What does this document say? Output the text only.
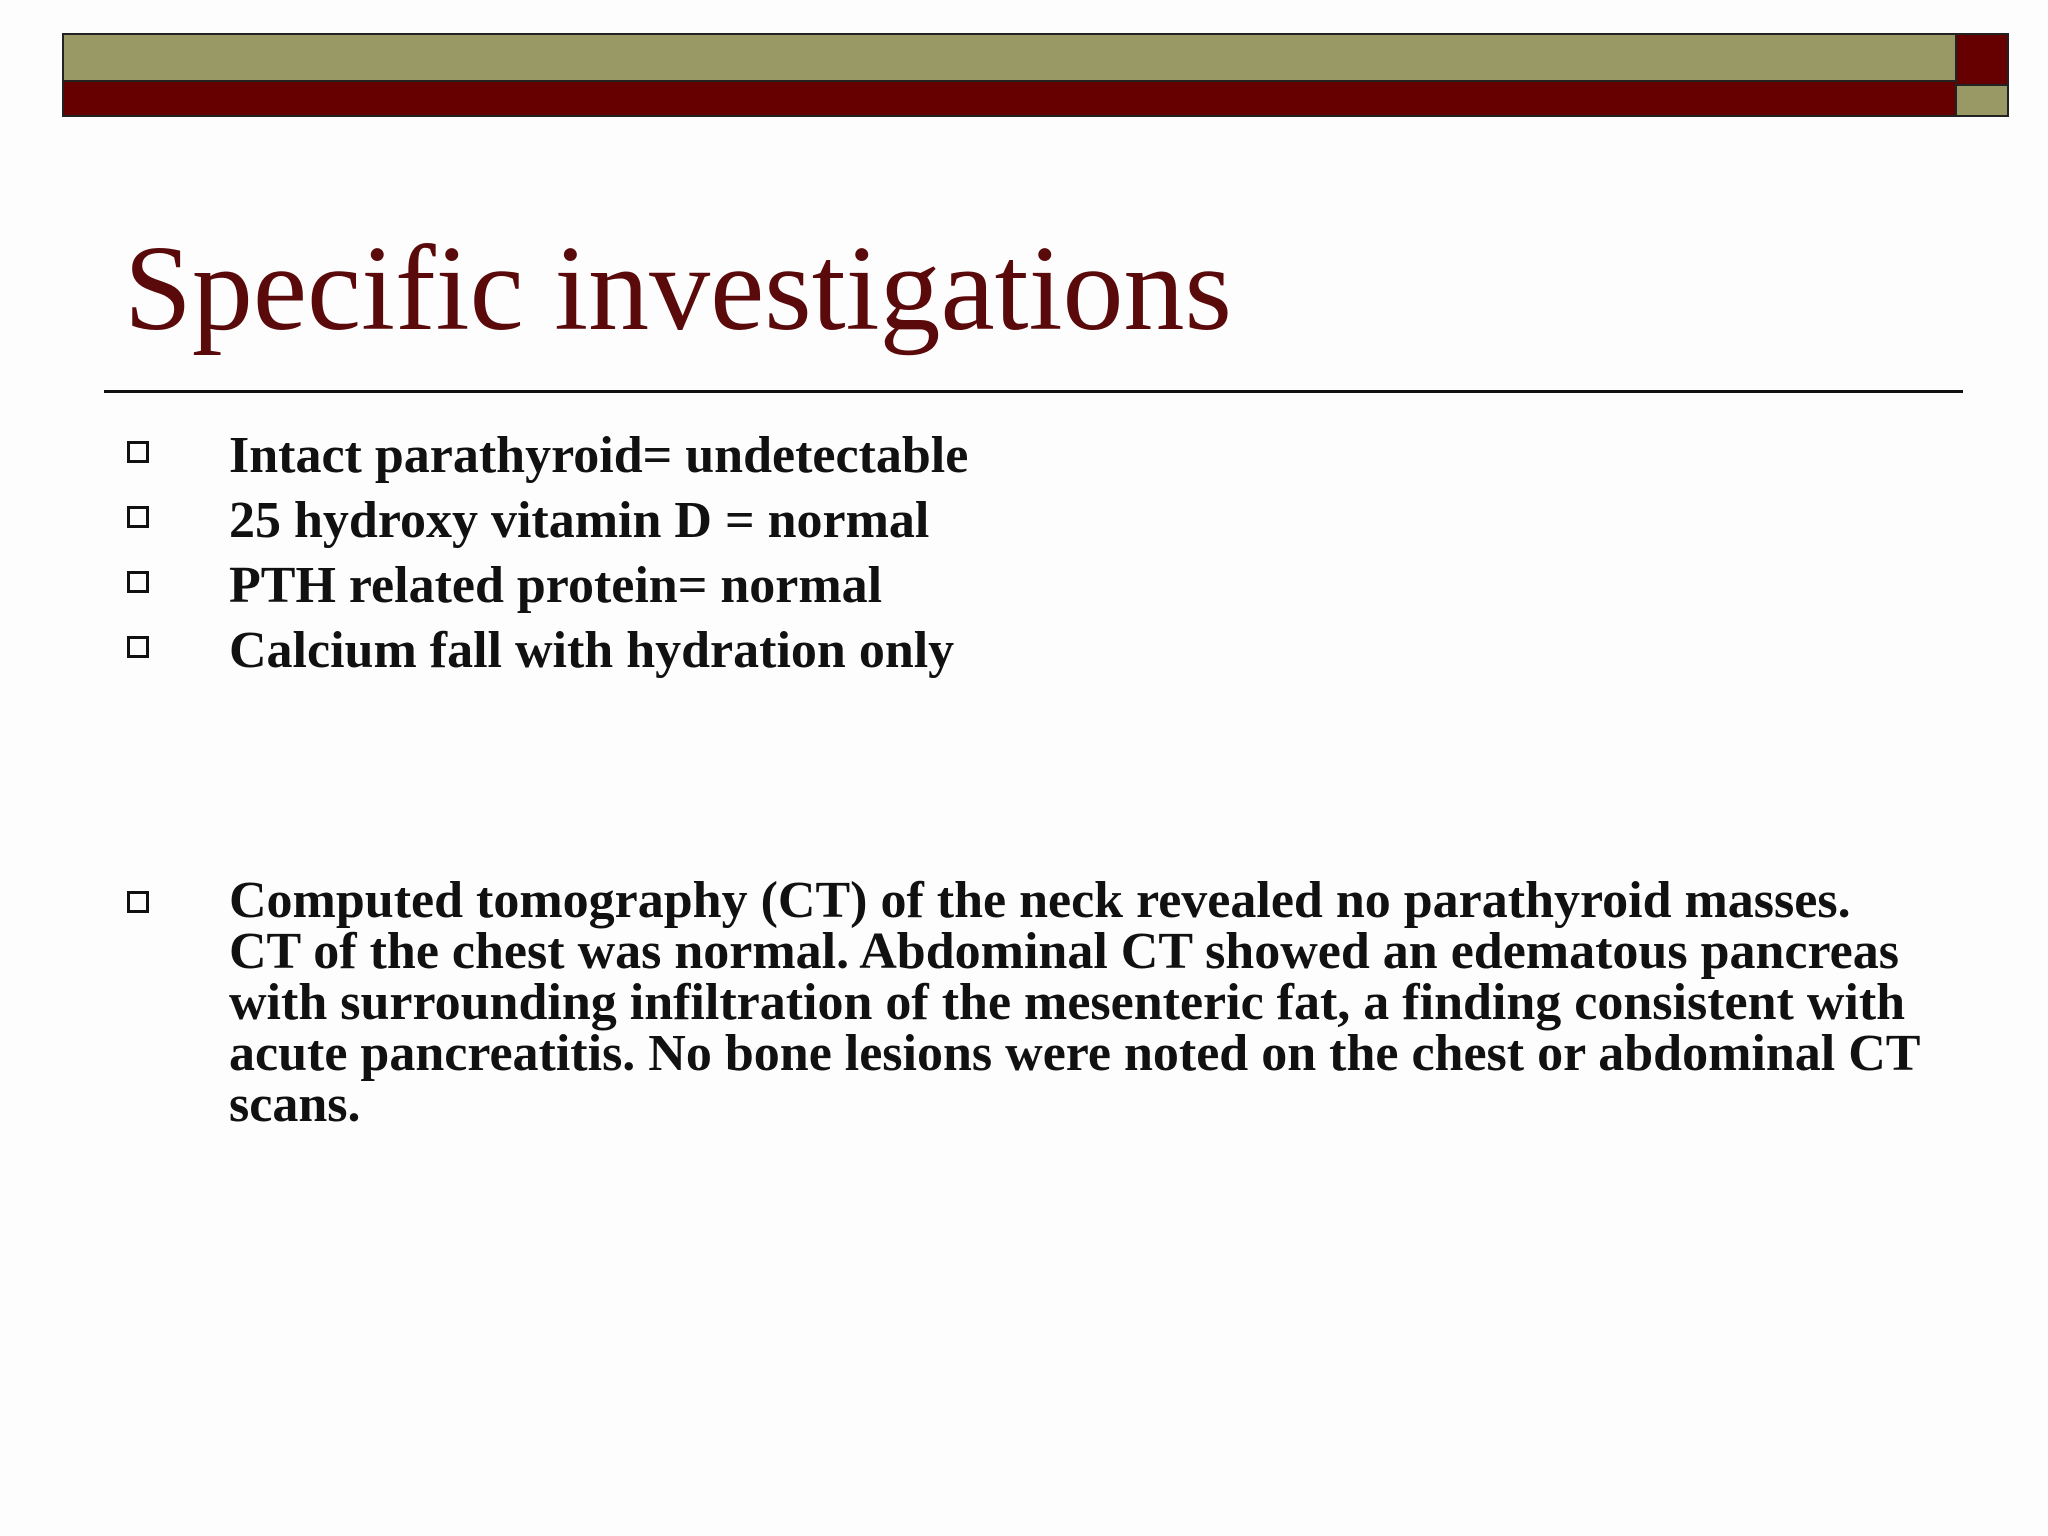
Specific investigations
Intact parathyroid= undetectable
25 hydroxy vitamin D = normal
PTH related protein= normal
Calcium fall with hydration only
Computed tomography (CT) of the neck revealed no parathyroid masses. CT of the chest was normal. Abdominal CT showed an edematous pancreas with surrounding infiltration of the mesenteric fat, a finding consistent with acute pancreatitis. No bone lesions were noted on the chest or abdominal CT scans.
